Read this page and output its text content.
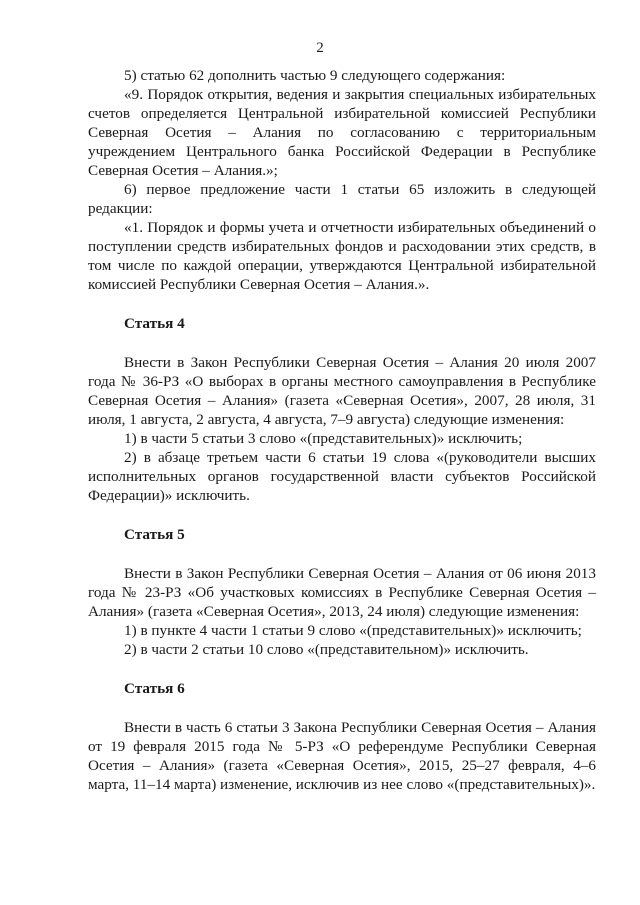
2

5) статью 62 дополнить частью 9 следующего содержания:

«9. Порядок открытия, ведения и закрытия специальных избирательных счетов определяется Центральной избирательной комиссией Республики Северная Осетия – Алания по согласованию с территориальным учреждением Центрального банка Российской Федерации в Республике Северная Осетия – Алания.»;

6) первое предложение части 1 статьи 65 изложить в следующей редакции:

«1. Порядок и формы учета и отчетности избирательных объединений о поступлении средств избирательных фондов и расходовании этих средств, в том числе по каждой операции, утверждаются Центральной избирательной комиссией Республики Северная Осетия – Алания.».

Статья 4

Внести в Закон Республики Северная Осетия – Алания 20 июля 2007 года № 36-РЗ «О выборах в органы местного самоуправления в Республике Северная Осетия – Алания» (газета «Северная Осетия», 2007, 28 июля, 31 июля, 1 августа, 2 августа, 4 августа, 7–9 августа) следующие изменения:

1) в части 5 статьи 3 слово «(представительных)» исключить;

2) в абзаце третьем части 6 статьи 19 слова «(руководители высших исполнительных органов государственной власти субъектов Российской Федерации)» исключить.

Статья 5

Внести в Закон Республики Северная Осетия – Алания от 06 июня 2013 года № 23-РЗ «Об участковых комиссиях в Республике Северная Осетия – Алания» (газета «Северная Осетия», 2013, 24 июля) следующие изменения:

1) в пункте 4 части 1 статьи 9 слово «(представительных)» исключить;

2) в части 2 статьи 10 слово «(представительном)» исключить.

Статья 6

Внести в часть 6 статьи 3 Закона Республики Северная Осетия – Алания от 19 февраля 2015 года № 5-РЗ «О референдуме Республики Северная Осетия – Алания» (газета «Северная Осетия», 2015, 25–27 февраля, 4–6 марта, 11–14 марта) изменение, исключив из нее слово «(представительных)».
